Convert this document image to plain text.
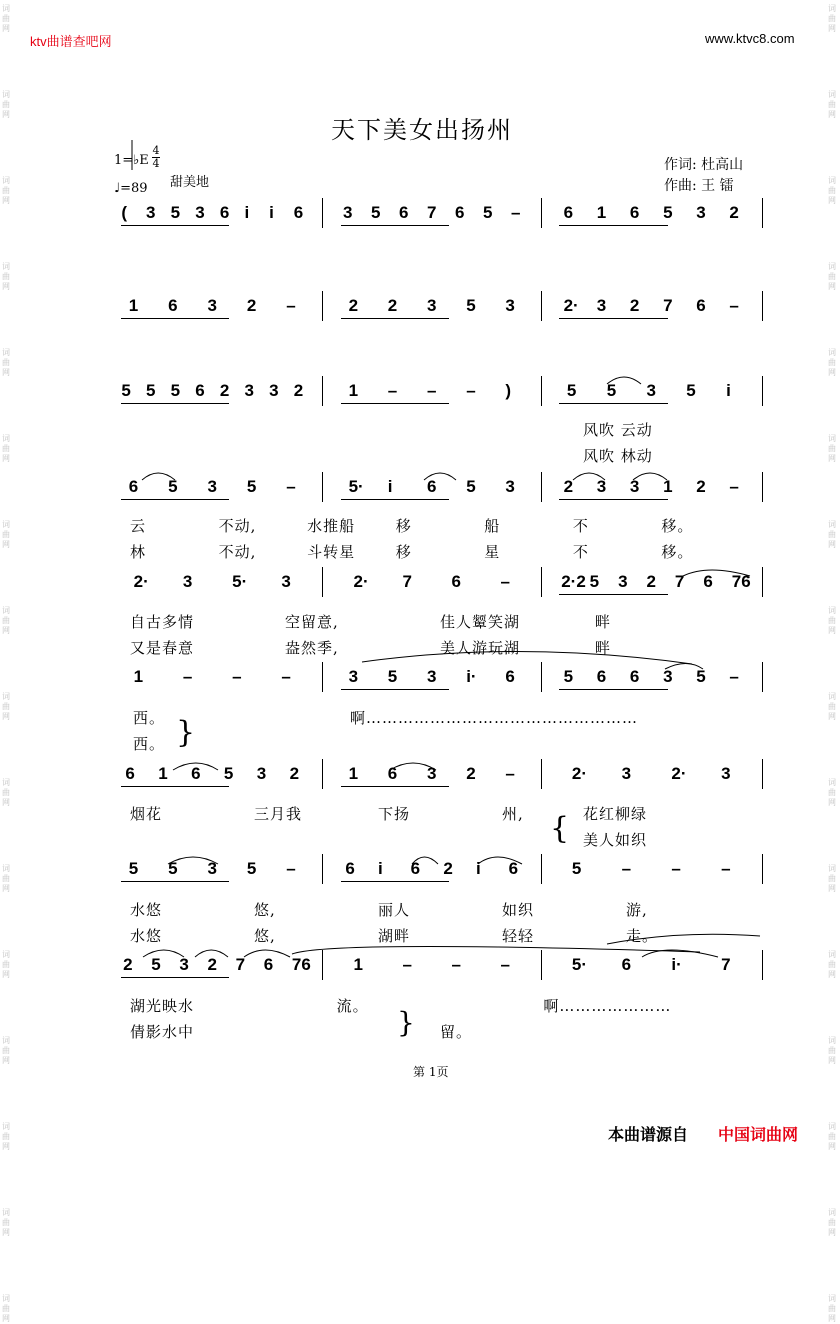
词曲网
词曲网
词曲网
词曲网
词曲网
词曲网
词曲网
词曲网
词曲网
词曲网
词曲网
词曲网
词曲网
词曲网
词曲网
词曲网
词曲网
词曲网
词曲网
词曲网
词曲网
词曲网
词曲网
词曲网
词曲网
词曲网
词曲网
词曲网
词曲网
词曲网
词曲网
词曲网
ktv曲谱查吧网	www.ktvc8.com
天下美女出扬州
1=♭E
4
4
♩=89 甜美地
作词: 杜高山
作曲: 王 镭
( 3 5 3 6 i i 6 3 5 6 7 6 5 –	6 1 6 5 3 2
1 6 3 2 –	2 2 3 5 3	2· 3 2 7 6 –
5 5 5 6 2 3 3 2	1 – – – )	5 5 3 5 i
风吹 云动
风吹 林动
6 5 3 5 –	5· i 6 5 3	2 3 3 1 2 –
云	不动,	水推船	移	船	不	移。
林	不动,	斗转星	移	星	不	移。
2· 3 5· 3	2· 7 6 –	2·2 5 3 2 7 6 76
自古多情	空留意,	佳人颦笑湖	畔
又是春意	盎然季,	美人游玩湖	畔
1 – – –	3 5 3 i· 6	5 6 6 3 5 –
西。
西。
啊……………………………………………
6 1 6 5 3 2	1 6 3 2 –	2· 3 2· 3
烟花	三月我	下扬	州,	花红柳绿
美人如织
5 5 3 5 –	6 i 6 2 i 6	5 – – –
水悠	悠,	丽人	如织	游,
水悠	悠,	湖畔	轻轻	走。
2 5 3 2 7 6 76	1 – – –	5· 6 i· 7
湖光映水	流。	啊…………………
倩影水中	留。
}
{
}
第 1页
本曲谱源自 中国词曲网
